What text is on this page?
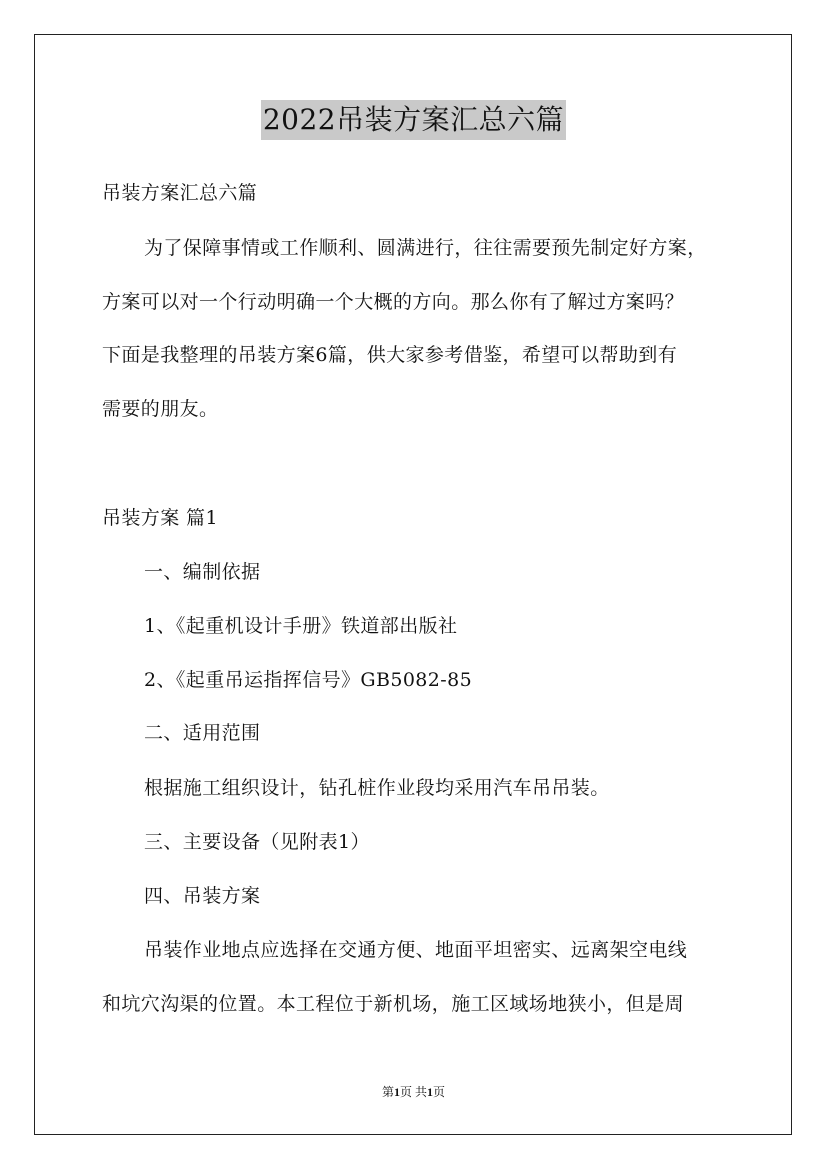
2022吊装方案汇总六篇
吊装方案汇总六篇
为了保障事情或工作顺利、圆满进行，往往需要预先制定好方案，
方案可以对一个行动明确一个大概的方向。那么你有了解过方案吗？
下面是我整理的吊装方案6篇，供大家参考借鉴，希望可以帮助到有
需要的朋友。
吊装方案 篇1
一、编制依据
1、《起重机设计手册》铁道部出版社
2、《起重吊运指挥信号》GB5082-85
二、适用范围
根据施工组织设计，钻孔桩作业段均采用汽车吊吊装。
三、主要设备（见附表1）
四、吊装方案
吊装作业地点应选择在交通方便、地面平坦密实、远离架空电线
和坑穴沟渠的位置。本工程位于新机场，施工区域场地狭小，但是周
第1页 共1页
